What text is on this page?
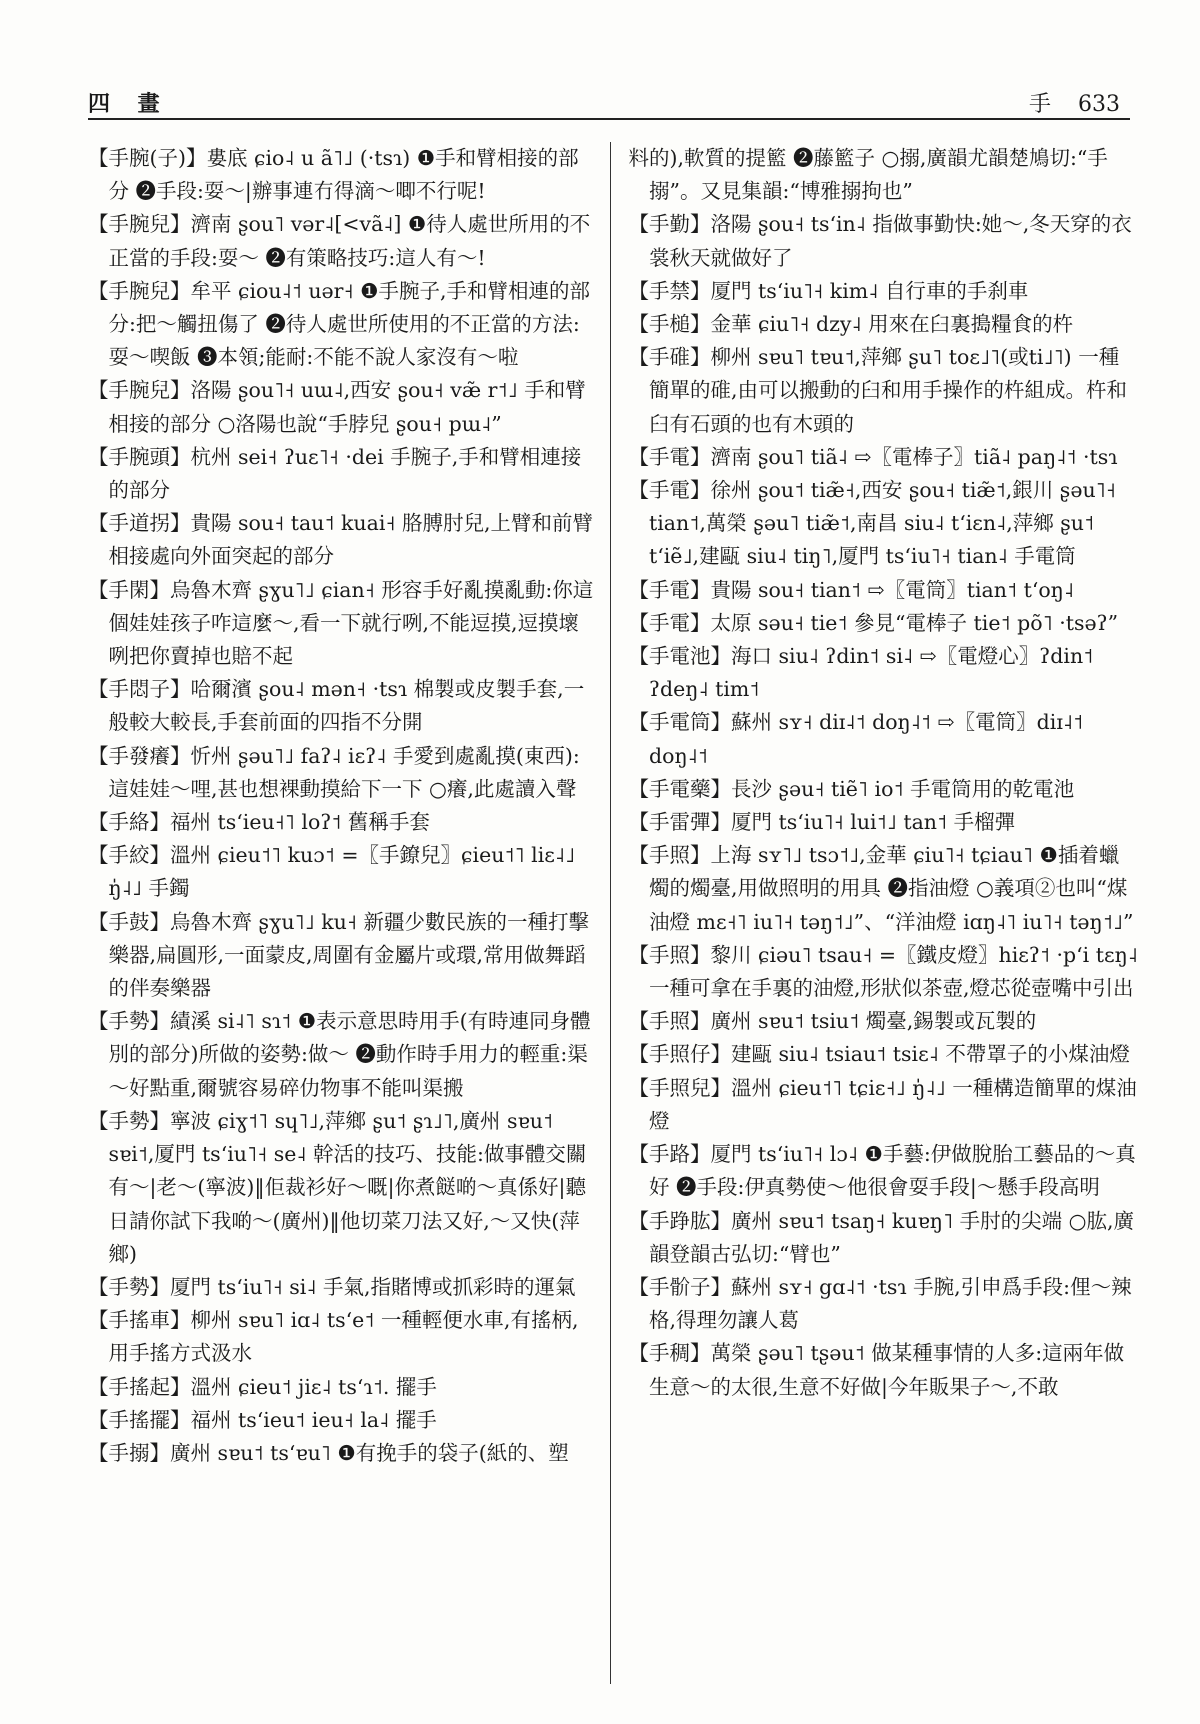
四 畫	手 633

【手腕(子)】婁底 ɕio˨ u ã˥˩ (·tsɿ) ❶手和臂相接的部分 ❷手段:耍～|辦事連冇得滴～唧不行呢!

【手腕兒】濟南 ʂou˥ vər˨[<vã˨] ❶待人處世所用的不正當的手段:耍～ ❷有策略技巧:這人有～!

【手腕兒】牟平 ɕiou˨˦ uər˧ ❶手腕子,手和臂相連的部分:把～觸扭傷了 ❷待人處世所使用的不正當的方法:耍～喫飯 ❸本領;能耐:不能不說人家沒有～啦

【手腕兒】洛陽 ʂou˥˧ uɯ˨,西安 ʂou˧ væ̃ r˦˩ 手和臂相接的部分 ○洛陽也說“手脖兒 ʂou˧ pɯ˨”

【手腕頭】杭州 sei˧ ʔuɛ˥˧ ·dei 手腕子,手和臂相連接的部分

【手道拐】貴陽 sou˧ tau˦ kuai˧ 胳膊肘兒,上臂和前臂相接處向外面突起的部分

【手閑】烏魯木齊 ʂɣu˥˩ ɕian˧ 形容手好亂摸亂動:你這個娃娃孩子咋這麼～,看一下就行咧,不能逗摸,逗摸壞咧把你賣掉也賠不起

【手悶子】哈爾濱 ʂou˨ mən˧ ·tsɿ 棉製或皮製手套,一般較大較長,手套前面的四指不分開

【手發癢】忻州 ʂəu˥˩ faʔ˨ iɛʔ˨ 手愛到處亂摸(東西):這娃娃～哩,甚也想裸動摸給下一下 ○癢,此處讀入聲

【手絡】福州 tsʻieu˧˥ loʔ˦ 舊稱手套

【手絞】溫州 ɕieu˦˥ kuɔ˦ =〖手鐐兒〗ɕieu˦˥ liɛ˨˩ ŋ̍˨˩ 手鐲

【手鼓】烏魯木齊 ʂɣu˥˩ ku˧ 新疆少數民族的一種打擊樂器,扁圓形,一面蒙皮,周圍有金屬片或環,常用做舞蹈的伴奏樂器

【手勢】績溪 si˨˥ sɿ˦ ❶表示意思時用手(有時連同身體別的部分)所做的姿勢:做～ ❷動作時手用力的輕重:渠～好點重,爾號容易碎仂物事不能叫渠搬

【手勢】寧波 ɕiɣ˦˥ sɥ˥˩,萍鄉 ʂu˦ ʂɿ˩˥,廣州 sɐu˦ sɐi˦,厦門 tsʻiu˥˧ se˨ 幹活的技巧、技能:做事體交關有～|老～(寧波)‖佢裁衫好～嘅|你煮餸啲～真係好|聽日請你試下我啲～(廣州)‖他切菜刀法又好,～又快(萍鄉)

【手勢】厦門 tsʻiu˥˧ si˨ 手氣,指賭博或抓彩時的運氣

【手搖車】柳州 sɐu˥ iɑ˨ tsʻe˦ 一種輕便水車,有搖柄,用手搖方式汲水

【手搖起】溫州 ɕieu˦ jiɛ˨ tsʻɿ˦. 擺手

【手搖擺】福州 tsʻieu˦ ieu˧ la˨ 擺手

【手搦】廣州 sɐu˦ tsʻɐu˥ ❶有挽手的袋子(紙的、塑

料的),軟質的提籃 ❷藤籃子 ○搦,廣韻尤韻楚鳩切:“手搦”。又見集韻:“博雅搦拘也”

【手勤】洛陽 ʂou˧ tsʻin˨ 指做事勤快:她～,冬天穿的衣裳秋天就做好了

【手禁】厦門 tsʻiu˥˧ kim˨ 自行車的手刹車

【手槌】金華 ɕiu˥˧ dzy˨ 用來在臼裏搗糧食的杵

【手碓】柳州 sɐu˥ tɐu˦,萍鄉 ʂu˥ toɛ˩˥(或ti˩˥) 一種簡單的碓,由可以搬動的臼和用手操作的杵組成。杵和臼有石頭的也有木頭的

【手電】濟南 ʂou˥ tiã˨ ⇨〖電棒子〗tiã˨ paŋ˨˦ ·tsɿ

【手電】徐州 ʂou˦ tiæ̃˧,西安 ʂou˧ tiæ̃˦,銀川 ʂəu˥˧ tian˦,萬榮 ʂəu˥ tiæ̃˦,南昌 siu˨ tʻiɛn˨,萍鄉 ʂu˦ tʻiẽ˩,建甌 siu˨ tiŋ˥,厦門 tsʻiu˥˧ tian˨ 手電筒

【手電】貴陽 sou˧ tian˦ ⇨〖電筒〗tian˦ tʻoŋ˨

【手電】太原 səu˧ tie˦ 參見“電棒子 tie˦ põ˥ ·tsəʔ”

【手電池】海口 siu˨ ʔdin˦ si˨ ⇨〖電燈心〗ʔdin˦ ʔdeŋ˨ tim˦

【手電筒】蘇州 sʏ˧ diɪ˨˦ doŋ˨˦ ⇨〖電筒〗diɪ˨˦ doŋ˨˦

【手電藥】長沙 ʂəu˧ tiẽ˥ io˦ 手電筒用的乾電池

【手雷彈】厦門 tsʻiu˥˧ lui˦˩ tan˦ 手榴彈

【手照】上海 sʏ˥˩ tsɔ˦˩,金華 ɕiu˥˧ tɕiau˥ ❶插着蠟燭的燭臺,用做照明的用具 ❷指油燈 ○義項②也叫“煤油燈 mɛ˧˥ iu˥˧ təŋ˦˩”、“洋油燈 iɑŋ˨˥ iu˥˧ təŋ˦˩”

【手照】黎川 ɕiəu˥ tsau˧ =〖鐵皮燈〗hiɛʔ˦ ·pʻi tɛŋ˨ 一種可拿在手裏的油燈,形狀似茶壺,燈芯從壺嘴中引出

【手照】廣州 sɐu˦ tsiu˦ 燭臺,錫製或瓦製的

【手照仔】建甌 siu˨ tsiau˦ tsiɛ˨ 不帶罩子的小煤油燈

【手照兒】溫州 ɕieu˦˥ tɕiɛ˧˩ ŋ̍˨˩ 一種構造簡單的煤油燈

【手路】厦門 tsʻiu˥˧ lɔ˨ ❶手藝:伊做脫胎工藝品的～真好 ❷手段:伊真勢使～他很會耍手段|～懸手段高明

【手踭肱】廣州 sɐu˦ tsaŋ˧ kuɐŋ˥ 手肘的尖端 ○肱,廣韻登韻古弘切:“臂也”

【手骱子】蘇州 sʏ˧ gɑ˨˦ ·tsɿ 手腕,引申爲手段:俚～辣格,得理勿讓人葛

【手稠】萬榮 ʂəu˥ tʂəu˦ 做某種事情的人多:這兩年做生意～的太很,生意不好做|今年販果子～,不敢
